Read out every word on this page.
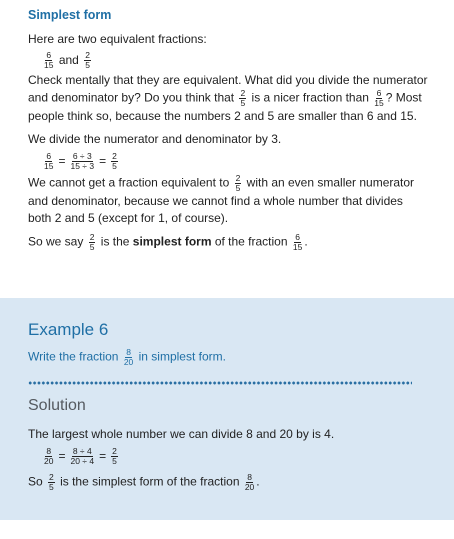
Simplest form

Here are two equivalent fractions:

$\frac{6}{15}$ and $\frac{2}{5}$

Check mentally that they are equivalent. What did you divide the numerator and denominator by? Do you think that $\frac{2}{5}$ is a nicer fraction than $\frac{6}{15}$ ? Most people think so, because the numbers 2 and 5 are smaller than 6 and 15.

We divide the numerator and denominator by 3.

$\frac{6}{15} = \frac{6 \div 3}{15 \div 3} = \frac{2}{5}$

We cannot get a fraction equivalent to $\frac{2}{5}$ with an even smaller numerator and denominator, because we cannot find a whole number that divides both 2 and 5 (except for 1, of course).

So we say $\frac{2}{5}$ is the simplest form of the fraction $\frac{6}{15}$ .

Example 6

Write the fraction $\frac{8}{20}$ in simplest form.

Solution

The largest whole number we can divide 8 and 20 by is 4.

$\frac{8}{20} = \frac{8 \div 4}{20 \div 4} = \frac{2}{5}$

So $\frac{2}{5}$ is the simplest form of the fraction $\frac{8}{20}$ .
